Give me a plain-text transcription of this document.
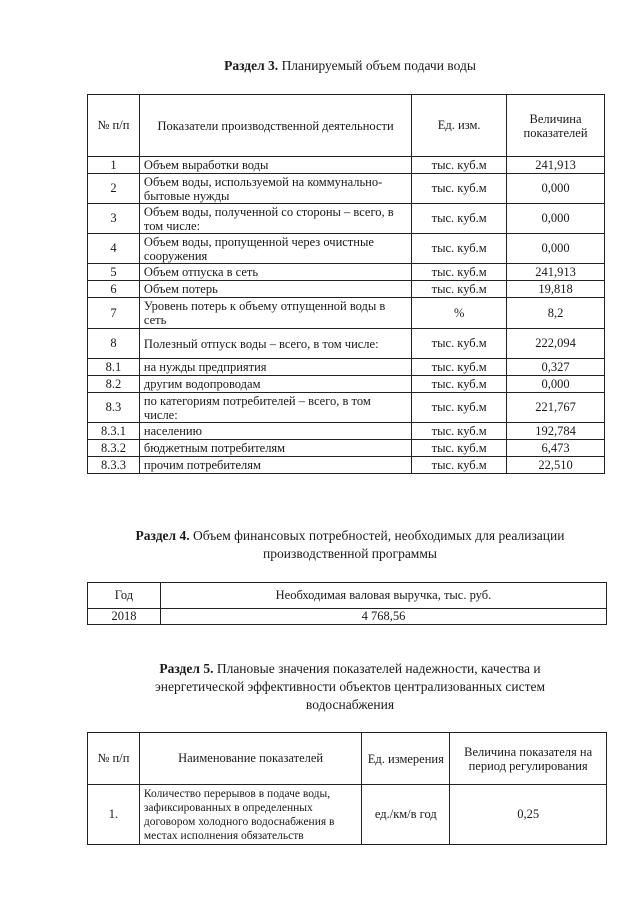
Раздел 3. Планируемый объем подачи воды
№ п/п	Показатели производственной деятельности	Ед. изм.	Величина показателей
1	Объем выработки воды	тыс. куб.м	241,913
2	Объем воды, используемой на коммунально-бытовые нужды	тыс. куб.м	0,000
3	Объем воды, полученной со стороны – всего, в том числе:	тыс. куб.м	0,000
4	Объем воды, пропущенной через очистные сооружения	тыс. куб.м	0,000
5	Объем отпуска в сеть	тыс. куб.м	241,913
6	Объем потерь	тыс. куб.м	19,818
7	Уровень потерь к объему отпущенной воды в сеть	%	8,2
8	Полезный отпуск воды – всего, в том числе:	тыс. куб.м	222,094
8.1	на нужды предприятия	тыс. куб.м	0,327
8.2	другим водопроводам	тыс. куб.м	0,000
8.3	по категориям потребителей – всего, в том числе:	тыс. куб.м	221,767
8.3.1	населению	тыс. куб.м	192,784
8.3.2	бюджетным потребителям	тыс. куб.м	6,473
8.3.3	прочим потребителям	тыс. куб.м	22,510
Раздел 4. Объем финансовых потребностей, необходимых для реализации
производственной программы
Год	Необходимая валовая выручка, тыс. руб.
2018	4 768,56
Раздел 5. Плановые значения показателей надежности, качества и
энергетической эффективности объектов централизованных систем
водоснабжения
№ п/п	Наименование показателей	Ед. измерения	Величина показателя на период регулирования
1.	Количество перерывов в подаче воды, зафиксированных в определенных договором холодного водоснабжения в местах исполнения обязательств	ед./км/в год	0,25
